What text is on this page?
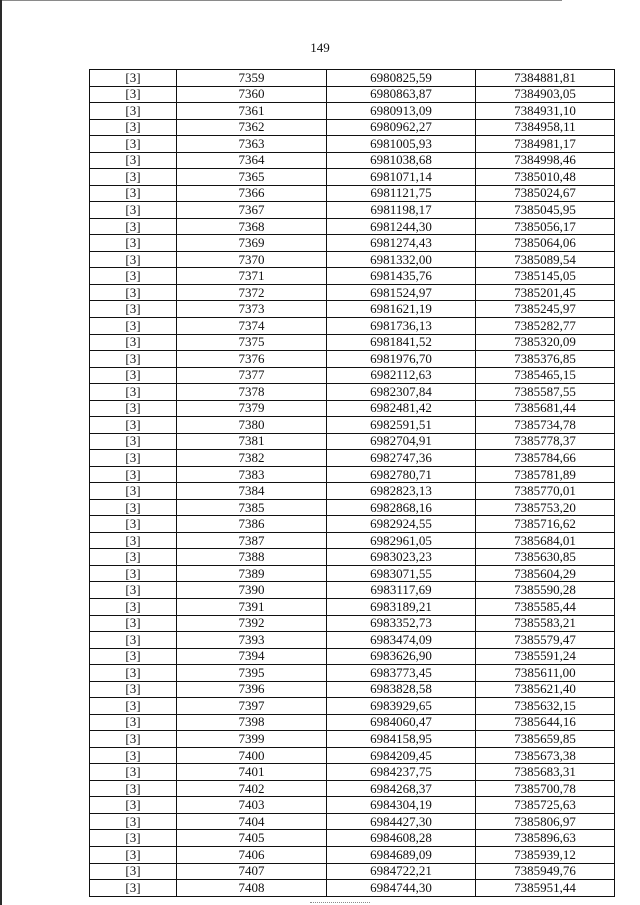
149
[3]	7359	6980825,59	7384881,81
[3]	7360	6980863,87	7384903,05
[3]	7361	6980913,09	7384931,10
[3]	7362	6980962,27	7384958,11
[3]	7363	6981005,93	7384981,17
[3]	7364	6981038,68	7384998,46
[3]	7365	6981071,14	7385010,48
[3]	7366	6981121,75	7385024,67
[3]	7367	6981198,17	7385045,95
[3]	7368	6981244,30	7385056,17
[3]	7369	6981274,43	7385064,06
[3]	7370	6981332,00	7385089,54
[3]	7371	6981435,76	7385145,05
[3]	7372	6981524,97	7385201,45
[3]	7373	6981621,19	7385245,97
[3]	7374	6981736,13	7385282,77
[3]	7375	6981841,52	7385320,09
[3]	7376	6981976,70	7385376,85
[3]	7377	6982112,63	7385465,15
[3]	7378	6982307,84	7385587,55
[3]	7379	6982481,42	7385681,44
[3]	7380	6982591,51	7385734,78
[3]	7381	6982704,91	7385778,37
[3]	7382	6982747,36	7385784,66
[3]	7383	6982780,71	7385781,89
[3]	7384	6982823,13	7385770,01
[3]	7385	6982868,16	7385753,20
[3]	7386	6982924,55	7385716,62
[3]	7387	6982961,05	7385684,01
[3]	7388	6983023,23	7385630,85
[3]	7389	6983071,55	7385604,29
[3]	7390	6983117,69	7385590,28
[3]	7391	6983189,21	7385585,44
[3]	7392	6983352,73	7385583,21
[3]	7393	6983474,09	7385579,47
[3]	7394	6983626,90	7385591,24
[3]	7395	6983773,45	7385611,00
[3]	7396	6983828,58	7385621,40
[3]	7397	6983929,65	7385632,15
[3]	7398	6984060,47	7385644,16
[3]	7399	6984158,95	7385659,85
[3]	7400	6984209,45	7385673,38
[3]	7401	6984237,75	7385683,31
[3]	7402	6984268,37	7385700,78
[3]	7403	6984304,19	7385725,63
[3]	7404	6984427,30	7385806,97
[3]	7405	6984608,28	7385896,63
[3]	7406	6984689,09	7385939,12
[3]	7407	6984722,21	7385949,76
[3]	7408	6984744,30	7385951,44
